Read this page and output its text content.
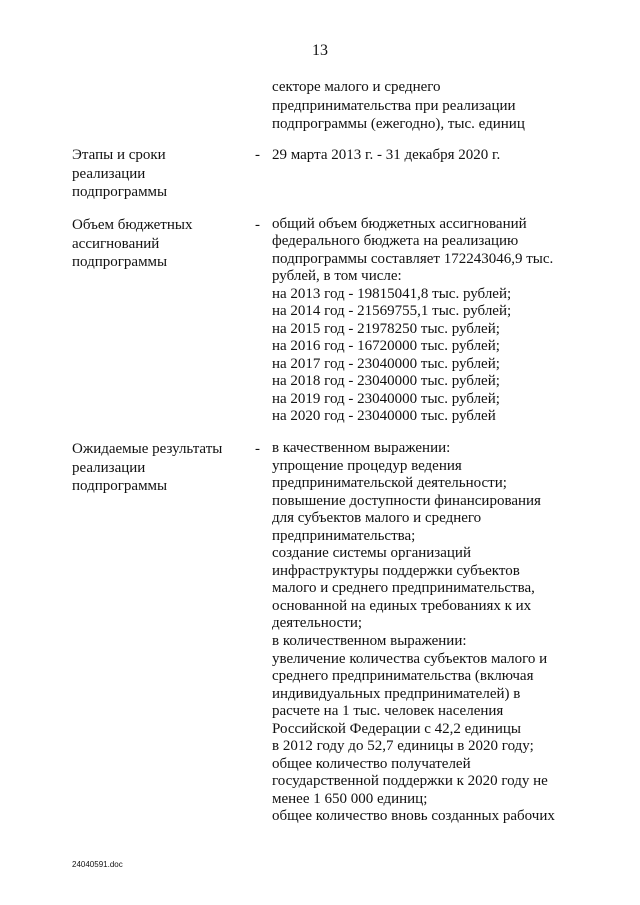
13
секторе малого и среднего
предпринимательства при реализации
подпрограммы (ежегодно), тыс. единиц
Этапы и сроки
реализации
подпрограммы
- 29 марта 2013 г. - 31 декабря 2020 г.
Объем бюджетных
ассигнований
подпрограммы
- общий объем бюджетных ассигнований
федерального бюджета на реализацию
подпрограммы составляет 172243046,9 тыс.
рублей, в том числе:
на 2013 год - 19815041,8 тыс. рублей;
на 2014 год - 21569755,1 тыс. рублей;
на 2015 год - 21978250 тыс. рублей;
на 2016 год - 16720000 тыс. рублей;
на 2017 год - 23040000 тыс. рублей;
на 2018 год - 23040000 тыс. рублей;
на 2019 год - 23040000 тыс. рублей;
на 2020 год - 23040000 тыс. рублей
Ожидаемые результаты
реализации
подпрограммы
- в качественном выражении:
упрощение процедур ведения
предпринимательской деятельности;
повышение доступности финансирования
для субъектов малого и среднего
предпринимательства;
создание системы организаций
инфраструктуры поддержки субъектов
малого и среднего предпринимательства,
основанной на единых требованиях к их
деятельности;
в количественном выражении:
увеличение количества субъектов малого и
среднего предпринимательства (включая
индивидуальных предпринимателей) в
расчете на 1 тыс. человек населения
Российской Федерации с 42,2 единицы
в 2012 году до 52,7 единицы в 2020 году;
общее количество получателей
государственной поддержки к 2020 году не
менее 1 650 000 единиц;
общее количество вновь созданных рабочих
24040591.doc
